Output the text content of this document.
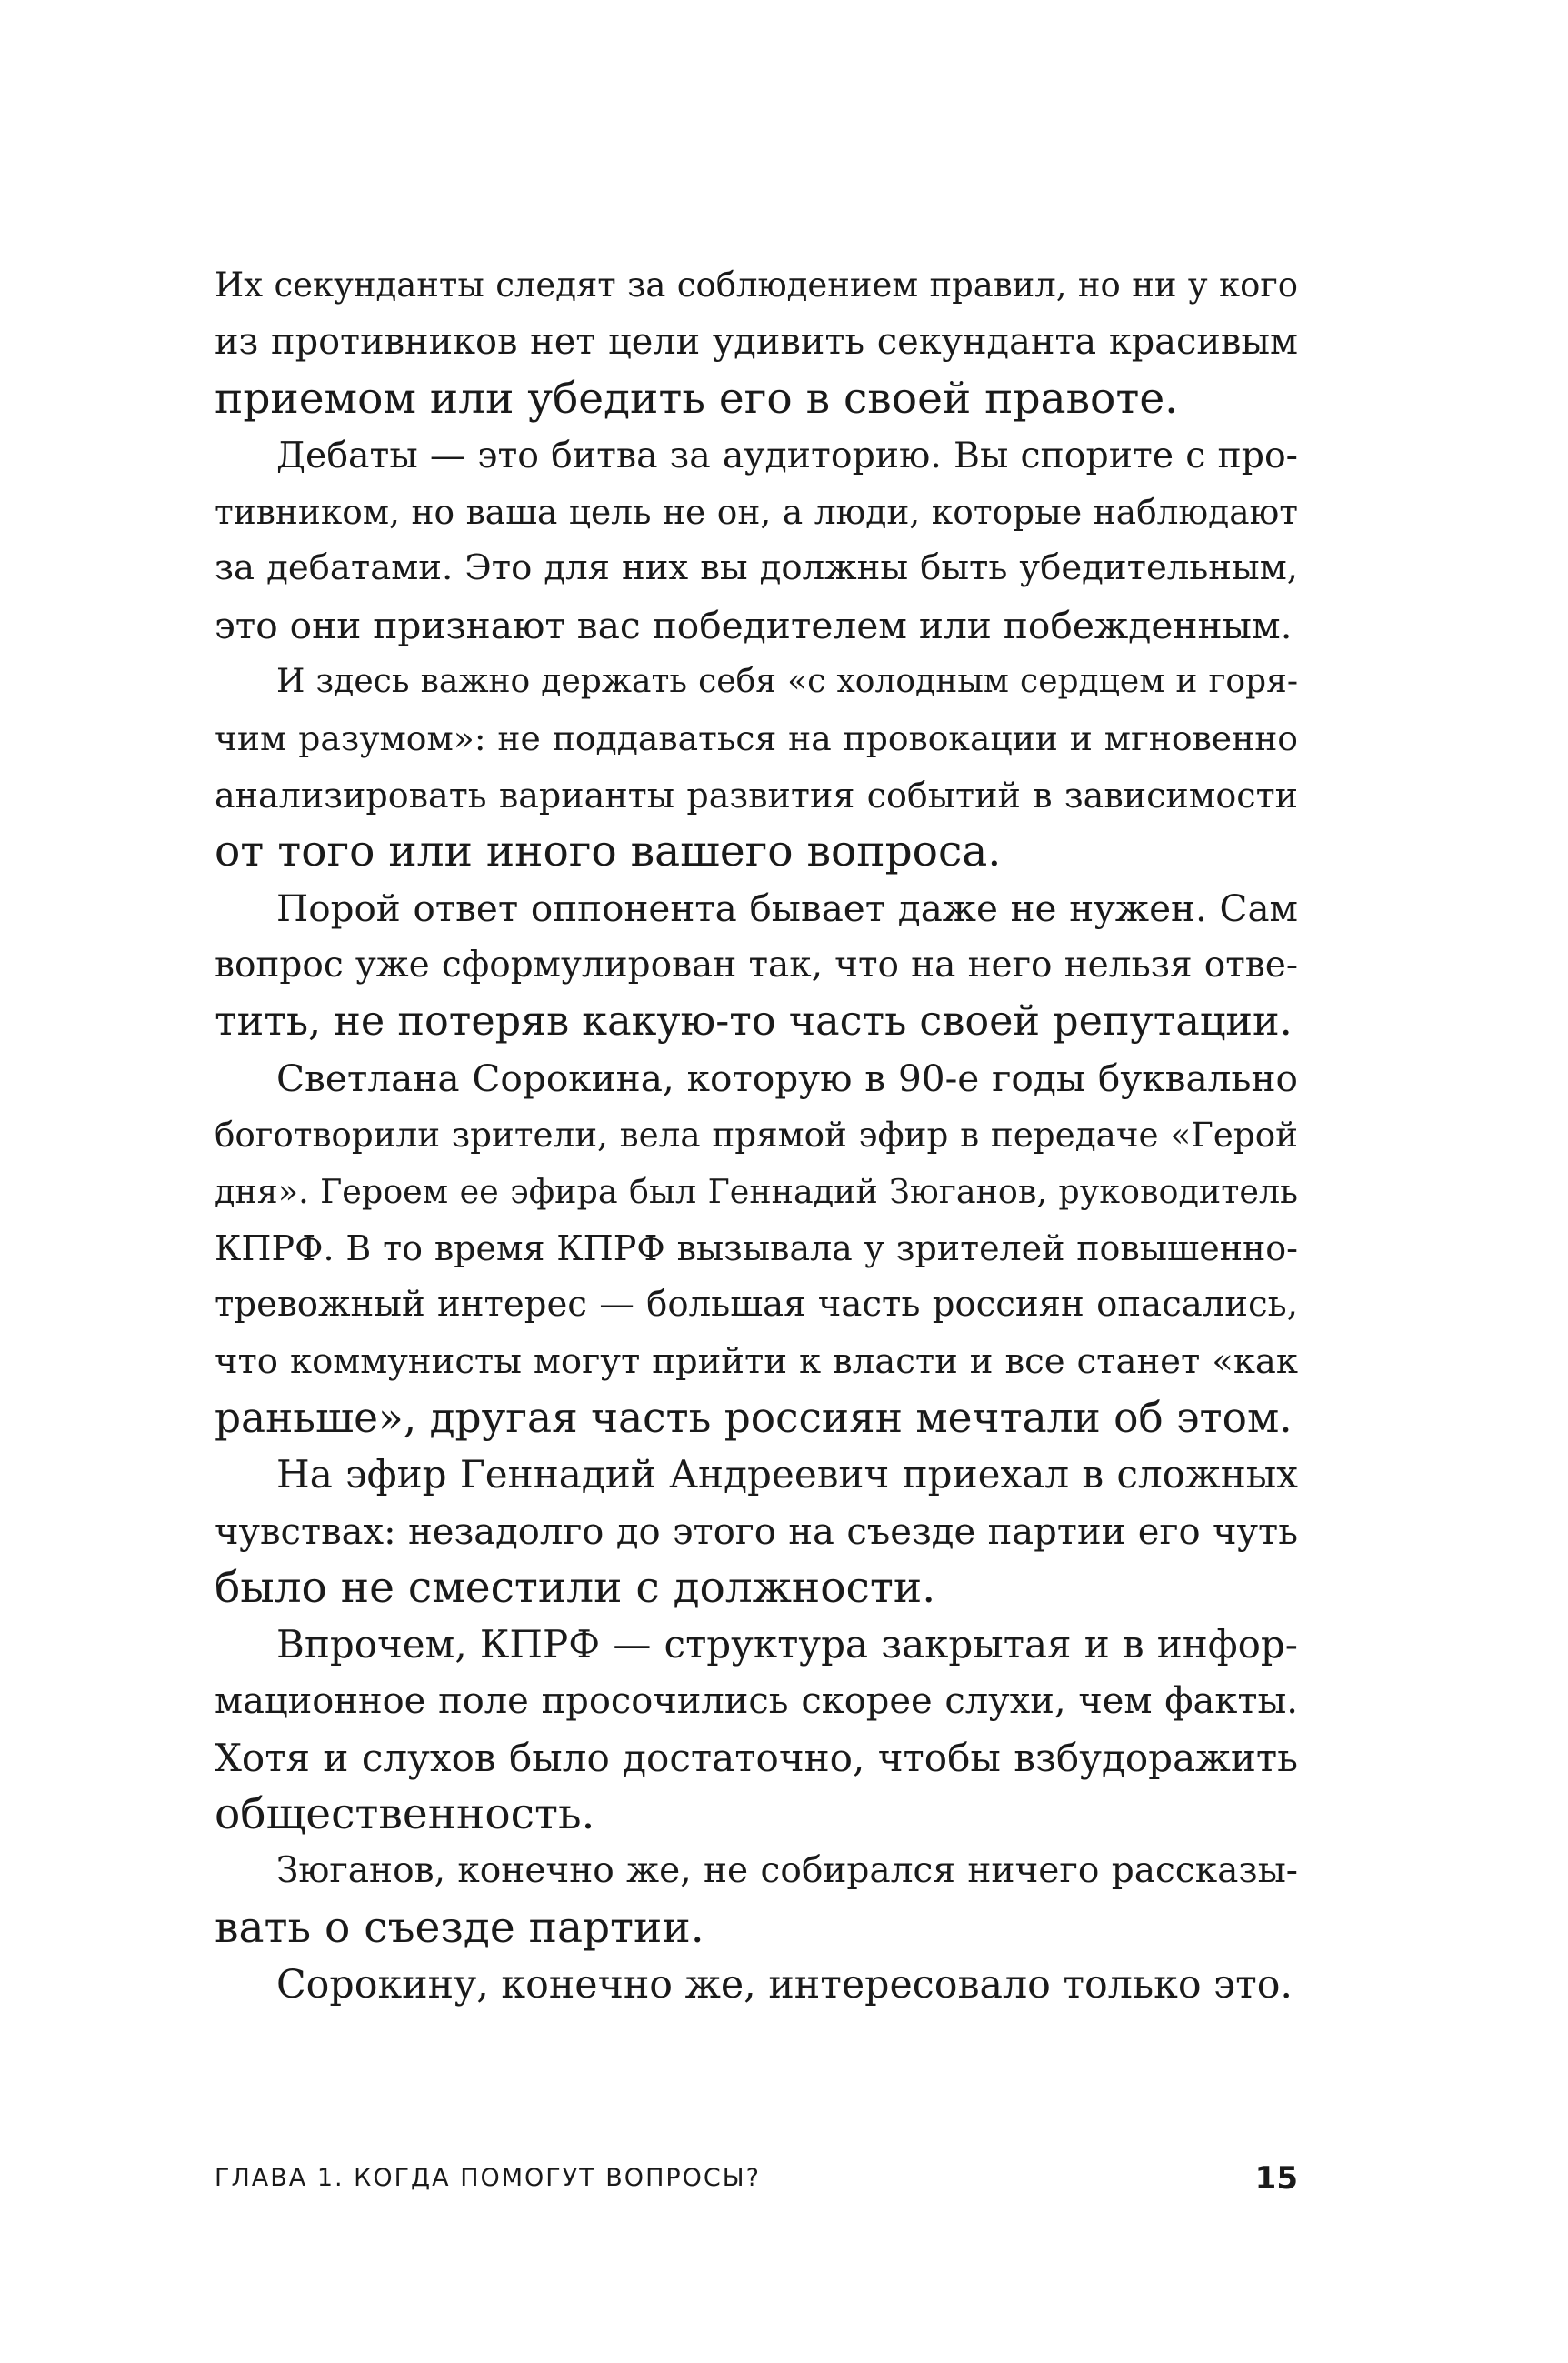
Их секунданты следят за соблюдением правил, но ни у кого
из противников нет цели удивить секунданта красивым
приемом или убедить его в своей правоте.

Дебаты — это битва за аудиторию. Вы спорите с про-
тивником, но ваша цель не он, а люди, которые наблюдают
за дебатами. Это для них вы должны быть убедительным,
это они признают вас победителем или побежденным.

И здесь важно держать себя «с холодным сердцем и горя-
чим разумом»: не поддаваться на провокации и мгновенно
анализировать варианты развития событий в зависимости
от того или иного вашего вопроса.

Порой ответ оппонента бывает даже не нужен. Сам
вопрос уже сформулирован так, что на него нельзя отве-
тить, не потеряв какую-то часть своей репутации.

Светлана Сорокина, которую в 90-е годы буквально
боготворили зрители, вела прямой эфир в передаче «Герой
дня». Героем ее эфира был Геннадий Зюганов, руководитель
КПРФ. В то время КПРФ вызывала у зрителей повышенно-
тревожный интерес — большая часть россиян опасались,
что коммунисты могут прийти к власти и все станет «как
раньше», другая часть россиян мечтали об этом.

На эфир Геннадий Андреевич приехал в сложных
чувствах: незадолго до этого на съезде партии его чуть
было не сместили с должности.

Впрочем, КПРФ — структура закрытая и в инфор-
мационное поле просочились скорее слухи, чем факты.
Хотя и слухов было достаточно, чтобы взбудоражить
общественность.

Зюганов, конечно же, не собирался ничего рассказы-
вать о съезде партии.

Сорокину, конечно же, интересовало только это.

ГЛАВА 1. КОГДА ПОМОГУТ ВОПРОСЫ?	15
